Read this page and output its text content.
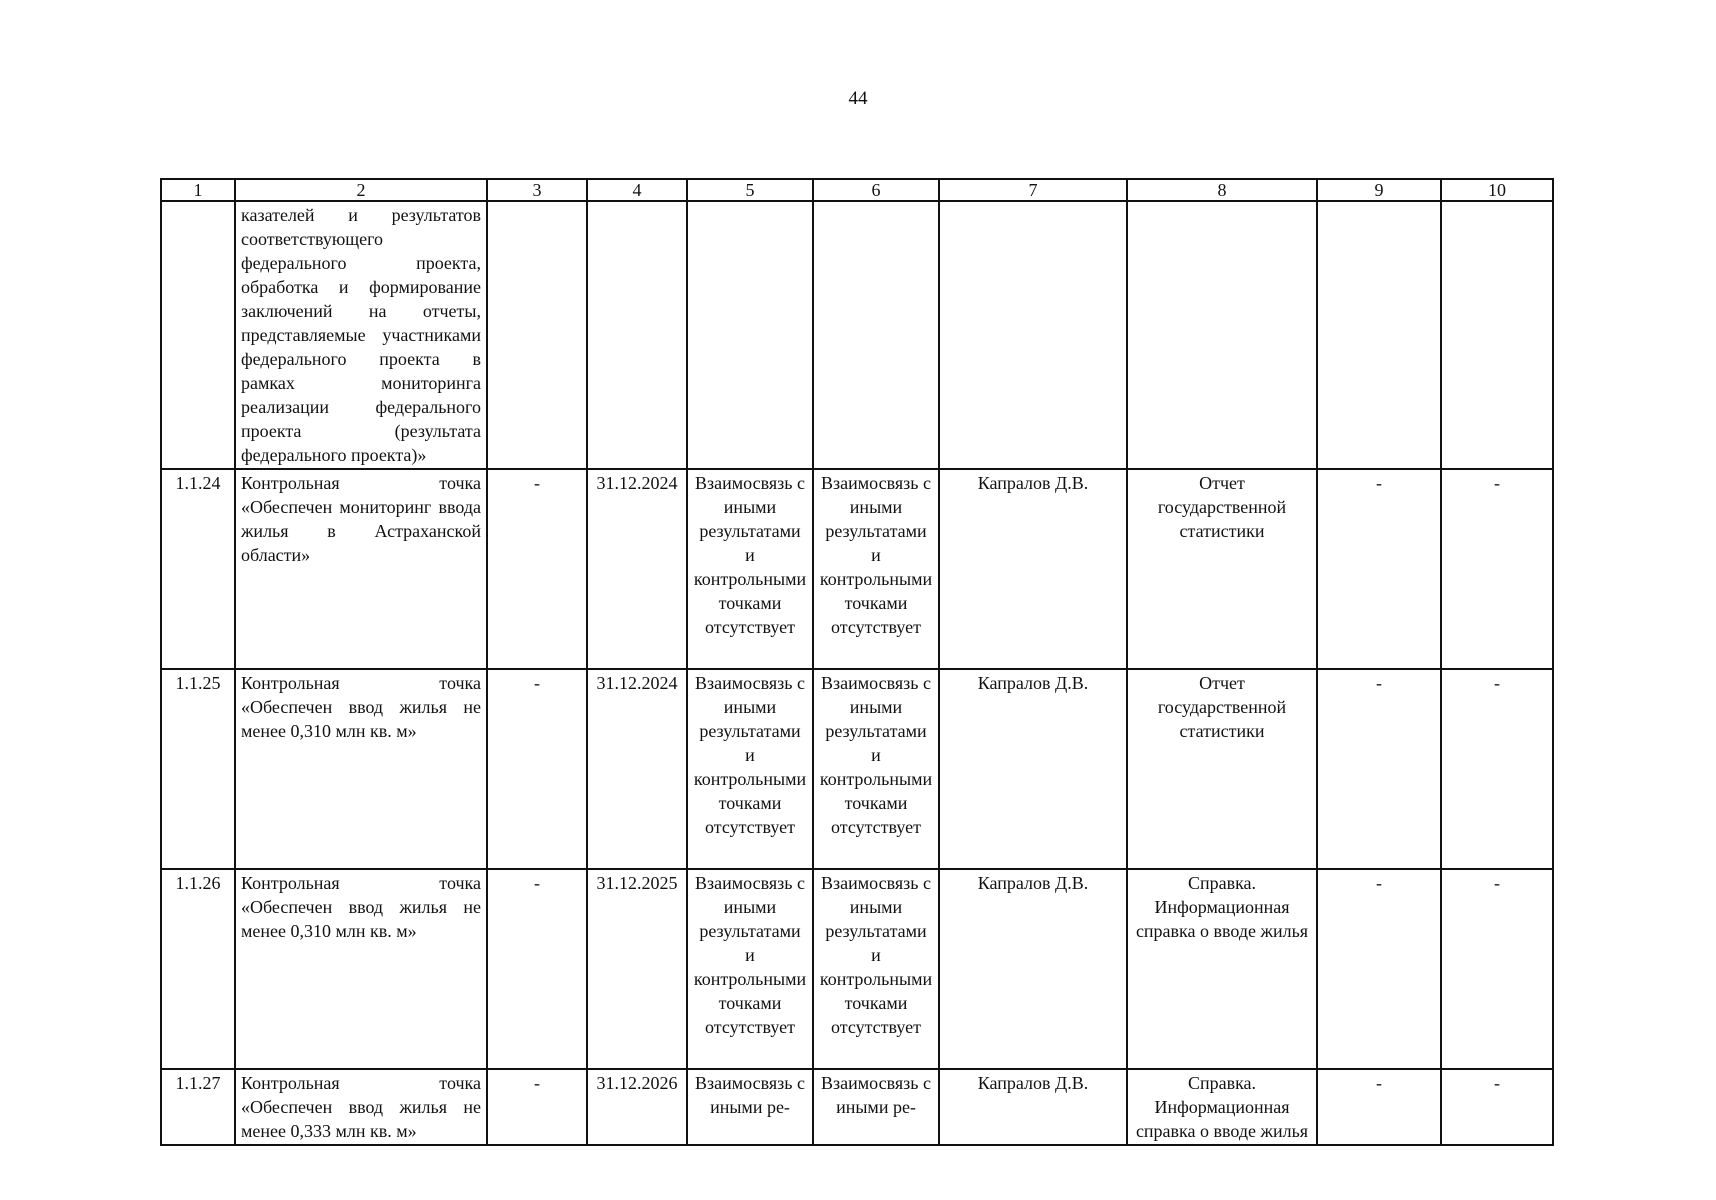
44
1	2	3	4	5	6	7	8	9	10
	казателей и результатов соответствующего федерального проекта, обработка и формирование заключений на отчеты, представляемые участниками федерального проекта в рамках мониторинга реализации федерального проекта (результата федерального проекта)»								
1.1.24	Контрольная точка «Обеспечен мониторинг ввода жилья в Астраханской области»	-	31.12.2024	Взаимосвязь с иными результатами и контрольными точками отсутствует	Взаимосвязь с иными результатами и контрольными точками отсутствует	Капралов Д.В.	Отчет государственной статистики	-	-
1.1.25	Контрольная точка «Обеспечен ввод жилья не менее 0,310 млн кв. м»	-	31.12.2024	Взаимосвязь с иными результатами и контрольными точками отсутствует	Взаимосвязь с иными результатами и контрольными точками отсутствует	Капралов Д.В.	Отчет государственной статистики	-	-
1.1.26	Контрольная точка «Обеспечен ввод жилья не менее 0,310 млн кв. м»	-	31.12.2025	Взаимосвязь с иными результатами и контрольными точками отсутствует	Взаимосвязь с иными результатами и контрольными точками отсутствует	Капралов Д.В.	Справка. Информационная справка о вводе жилья	-	-
1.1.27	Контрольная точка «Обеспечен ввод жилья не менее 0,333 млн кв. м»	-	31.12.2026	Взаимосвязь с иными ре-	Взаимосвязь с иными ре-	Капралов Д.В.	Справка. Информационная справка о вводе жилья	-	-
